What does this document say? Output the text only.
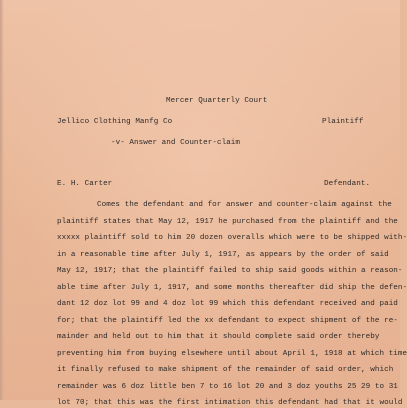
Mercer Quarterly Court
Jellico Clothing Manfg Co	Plaintiff
-v- Answer and Counter-claim
E. H. Carter	Defendant.
Comes the defendant and for answer and counter-claim against the
plaintiff states that May 12, 1917 he purchased from the plaintiff and the
xxxxx plaintiff sold to him 20 dozen overalls which were to be shipped with-
in a reasonable time after July 1, 1917, as appears by the order of said
May 12, 1917; that the plaintiff failed to ship said goods within a reason-
able time after July 1, 1917, and some months thereafter did ship the defen-
dant 12 doz lot 99 and 4 doz lot 99 which this defendant received and paid
for; that the plaintiff led the xx defendant to expect shipment of the re-
mainder and held out to him that it should complete said order thereby
preventing him from buying elsewhere until about April 1, 1918 at which time
it finally refused to make shipment of the remainder of said order, which
remainder was 6 doz little ben 7 to 16 lot 20 and 3 doz youths 25 29 to 31
lot 70; that this was the first intimation this defendant had that it would
